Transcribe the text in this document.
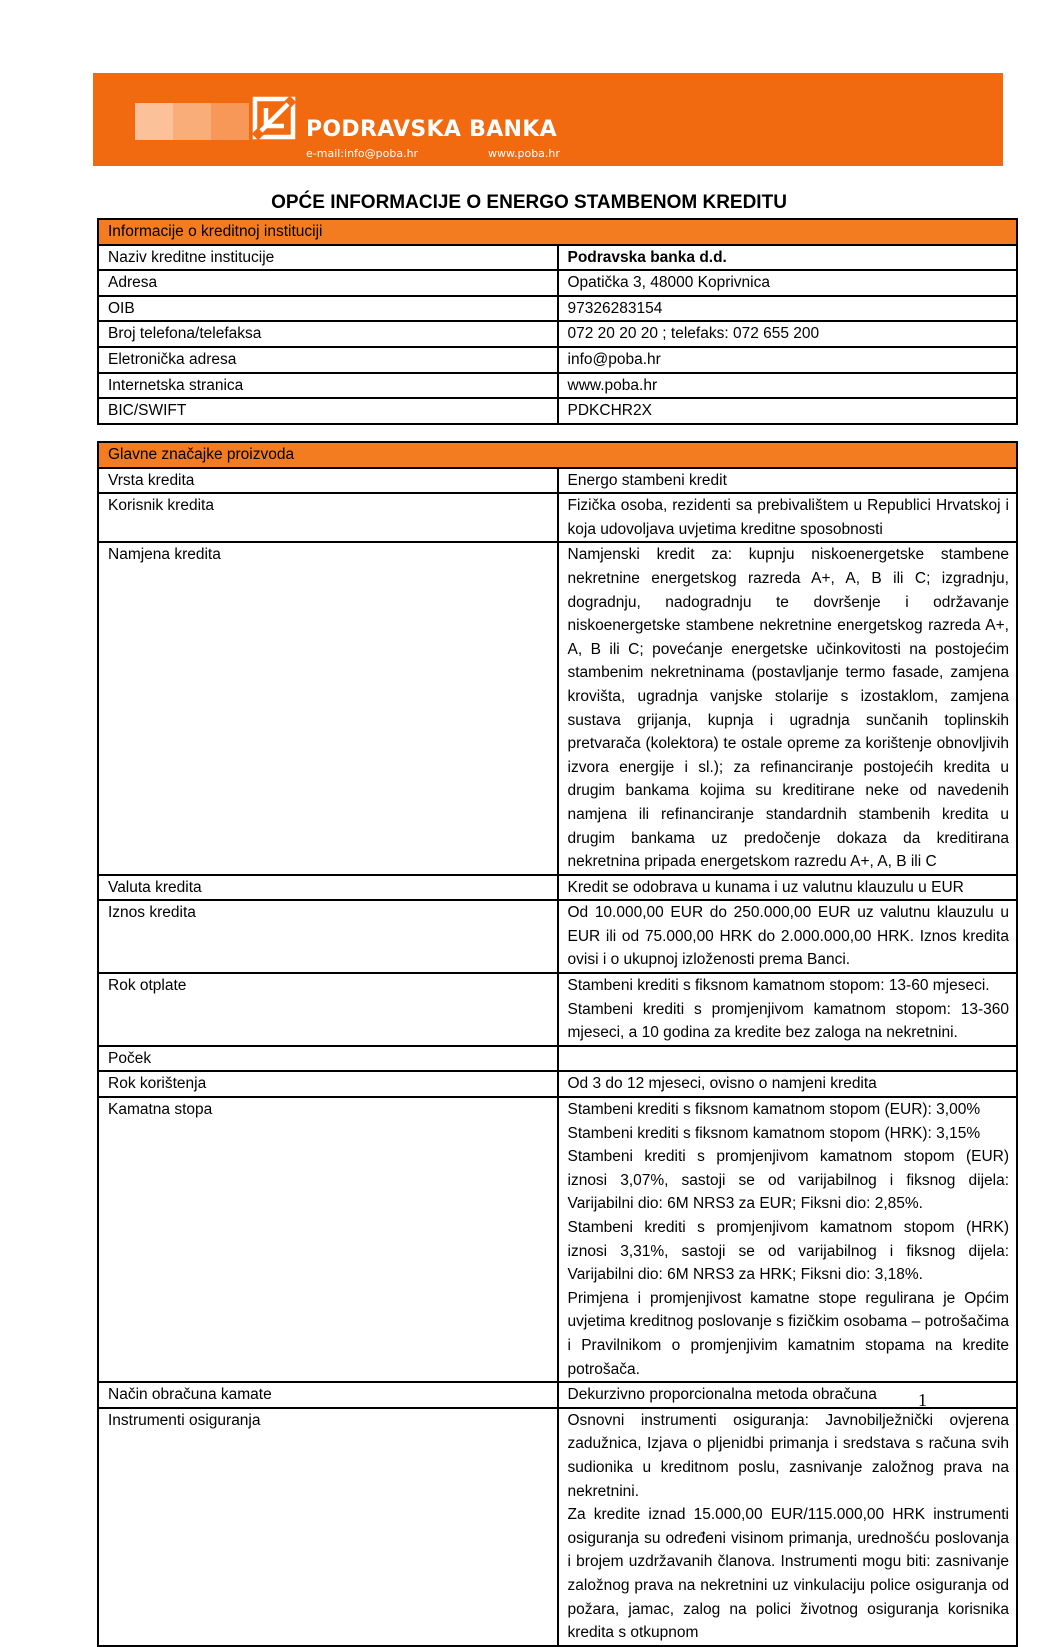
PODRAVSKA BANKA
e-mail:info@poba.hr	www.poba.hr
OPĆE INFORMACIJE O ENERGO STAMBENOM KREDITU
Informacije o kreditnoj instituciji	
Naziv kreditne institucije	Podravska banka d.d.
Adresa	Opatička 3, 48000 Koprivnica
OIB	97326283154
Broj telefona/telefaksa	072 20 20 20 ; telefaks: 072 655 200
Eletronička adresa	info@poba.hr
Internetska stranica	www.poba.hr
BIC/SWIFT	PDKCHR2X
Glavne značajke proizvoda	
Vrsta kredita	Energo stambeni kredit

Korisnik kredita	Fizička osoba, rezidenti sa prebivalištem u Republici Hrvatskoj i koja udovoljava uvjetima kreditne sposobnosti

Namjena kredita	Namjenski kredit za: kupnju niskoenergetske stambene nekretnine energetskog razreda A+, A, B ili C; izgradnju, dogradnju, nadogradnju te dovršenje i održavanje niskoenergetske stambene nekretnine energetskog razreda A+, A, B ili C; povećanje energetske učinkovitosti na postojećim stambenim nekretninama (postavljanje termo fasade, zamjena krovišta, ugradnja vanjske stolarije s izostaklom, zamjena sustava grijanja, kupnja i ugradnja sunčanih toplinskih pretvarača (kolektora) te ostale opreme za korištenje obnovljivih izvora energije i sl.); za refinanciranje postojećih kredita u drugim bankama kojima su kreditirane neke od navedenih namjena ili refinanciranje standardnih stambenih kredita u drugim bankama uz predočenje dokaza da kreditirana nekretnina pripada energetskom razredu A+, A, B ili C

Valuta kredita	Kredit se odobrava u kunama i uz valutnu klauzulu u EUR

Iznos kredita	Od 10.000,00 EUR do 250.000,00 EUR uz valutnu klauzulu u EUR ili od 75.000,00 HRK do 2.000.000,00 HRK. Iznos kredita ovisi i o ukupnoj izloženosti prema Banci.

Rok otplate	Stambeni krediti s fiksnom kamatnom stopom: 13-60 mjeseci.
Stambeni krediti s promjenjivom kamatnom stopom: 13-360 mjeseci, a 10 godina za kredite bez zaloga na nekretnini.

Poček	

Rok korištenja	Od 3 do 12 mjeseci, ovisno o namjeni kredita

Kamatna stopa	Stambeni krediti s fiksnom kamatnom stopom (EUR): 3,00%
Stambeni krediti s fiksnom kamatnom stopom (HRK): 3,15%
Stambeni krediti s promjenjivom kamatnom stopom (EUR) iznosi 3,07%, sastoji se od varijabilnog i fiksnog dijela: Varijabilni dio: 6M NRS3 za EUR; Fiksni dio: 2,85%.
Stambeni krediti s promjenjivom kamatnom stopom (HRK) iznosi 3,31%, sastoji se od varijabilnog i fiksnog dijela: Varijabilni dio: 6M NRS3 za HRK; Fiksni dio: 3,18%.
Primjena i promjenjivost kamatne stope regulirana je Općim uvjetima kreditnog poslovanje s fizičkim osobama – potrošačima i Pravilnikom o promjenjivim kamatnim stopama na kredite potrošača.

Način obračuna kamate	Dekurzivno proporcionalna metoda obračuna

Instrumenti osiguranja	Osnovni instrumenti osiguranja: Javnobilježnički ovjerena zadužnica, Izjava o pljenidbi primanja i sredstava s računa svih sudionika u kreditnom poslu, zasnivanje založnog prava na nekretnini.
Za kredite iznad 15.000,00 EUR/115.000,00 HRK instrumenti osiguranja su određeni visinom primanja, urednošću poslovanja i brojem uzdržavanih članova. Instrumenti mogu biti: zasnivanje založnog prava na nekretnini uz vinkulaciju police osiguranja od požara, jamac, zalog na polici životnog osiguranja korisnika kredita s otkupnom
1
